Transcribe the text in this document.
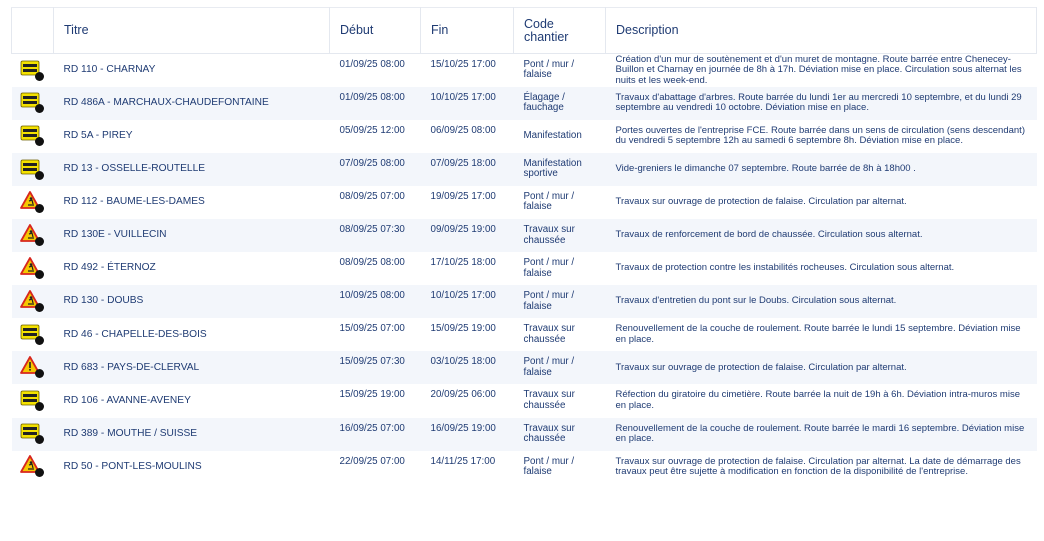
	Titre	Début	Fin	Code chantier	Description

	RD 110 - CHARNAY	01/09/25 08:00	15/10/25 17:00	Pont / mur / falaise	Création d'un mur de soutènement et d'un muret de montagne. Route barrée entre Chenecey-Buillon et Charnay en journée de 8h à 17h. Déviation mise en place. Circulation sous alternat les nuits et les week-end.

	RD 486A - MARCHAUX-CHAUDEFONTAINE	01/09/25 08:00	10/10/25 17:00	Élagage / fauchage	Travaux d'abattage d'arbres. Route barrée du lundi 1er au mercredi 10 septembre, et du lundi 29 septembre au vendredi 10 octobre. Déviation mise en place.

	RD 5A - PIREY	05/09/25 12:00	06/09/25 08:00	Manifestation	Portes ouvertes de l'entreprise FCE. Route barrée dans un sens de circulation (sens descendant) du vendredi 5 septembre 12h au samedi 6 septembre 8h. Déviation mise en place.

	RD 13 - OSSELLE-ROUTELLE	07/09/25 08:00	07/09/25 18:00	Manifestation sportive	Vide-greniers le dimanche 07 septembre. Route barrée de 8h à 18h00 .

	RD 112 - BAUME-LES-DAMES	08/09/25 07:00	19/09/25 17:00	Pont / mur / falaise	Travaux sur ouvrage de protection de falaise. Circulation par alternat.

	RD 130E - VUILLECIN	08/09/25 07:30	09/09/25 19:00	Travaux sur chaussée	Travaux de renforcement de bord de chaussée. Circulation sous alternat.

	RD 492 - ÉTERNOZ	08/09/25 08:00	17/10/25 18:00	Pont / mur / falaise	Travaux de protection contre les instabilités rocheuses. Circulation sous alternat.

	RD 130 - DOUBS	10/09/25 08:00	10/10/25 17:00	Pont / mur / falaise	Travaux d'entretien du pont sur le Doubs. Circulation sous alternat.

	RD 46 - CHAPELLE-DES-BOIS	15/09/25 07:00	15/09/25 19:00	Travaux sur chaussée	Renouvellement de la couche de roulement. Route barrée le lundi 15 septembre. Déviation mise en place.

	RD 683 - PAYS-DE-CLERVAL	15/09/25 07:30	03/10/25 18:00	Pont / mur / falaise	Travaux sur ouvrage de protection de falaise. Circulation par alternat.

	RD 106 - AVANNE-AVENEY	15/09/25 19:00	20/09/25 06:00	Travaux sur chaussée	Réfection du giratoire du cimetière. Route barrée la nuit de 19h à 6h. Déviation intra-muros mise en place.

	RD 389 - MOUTHE / SUISSE	16/09/25 07:00	16/09/25 19:00	Travaux sur chaussée	Renouvellement de la couche de roulement. Route barrée le mardi 16 septembre. Déviation mise en place.

	RD 50 - PONT-LES-MOULINS	22/09/25 07:00	14/11/25 17:00	Pont / mur / falaise	Travaux sur ouvrage de protection de falaise. Circulation par alternat. La date de démarrage des travaux peut être sujette à modification en fonction de la disponibilité de l'entreprise.
